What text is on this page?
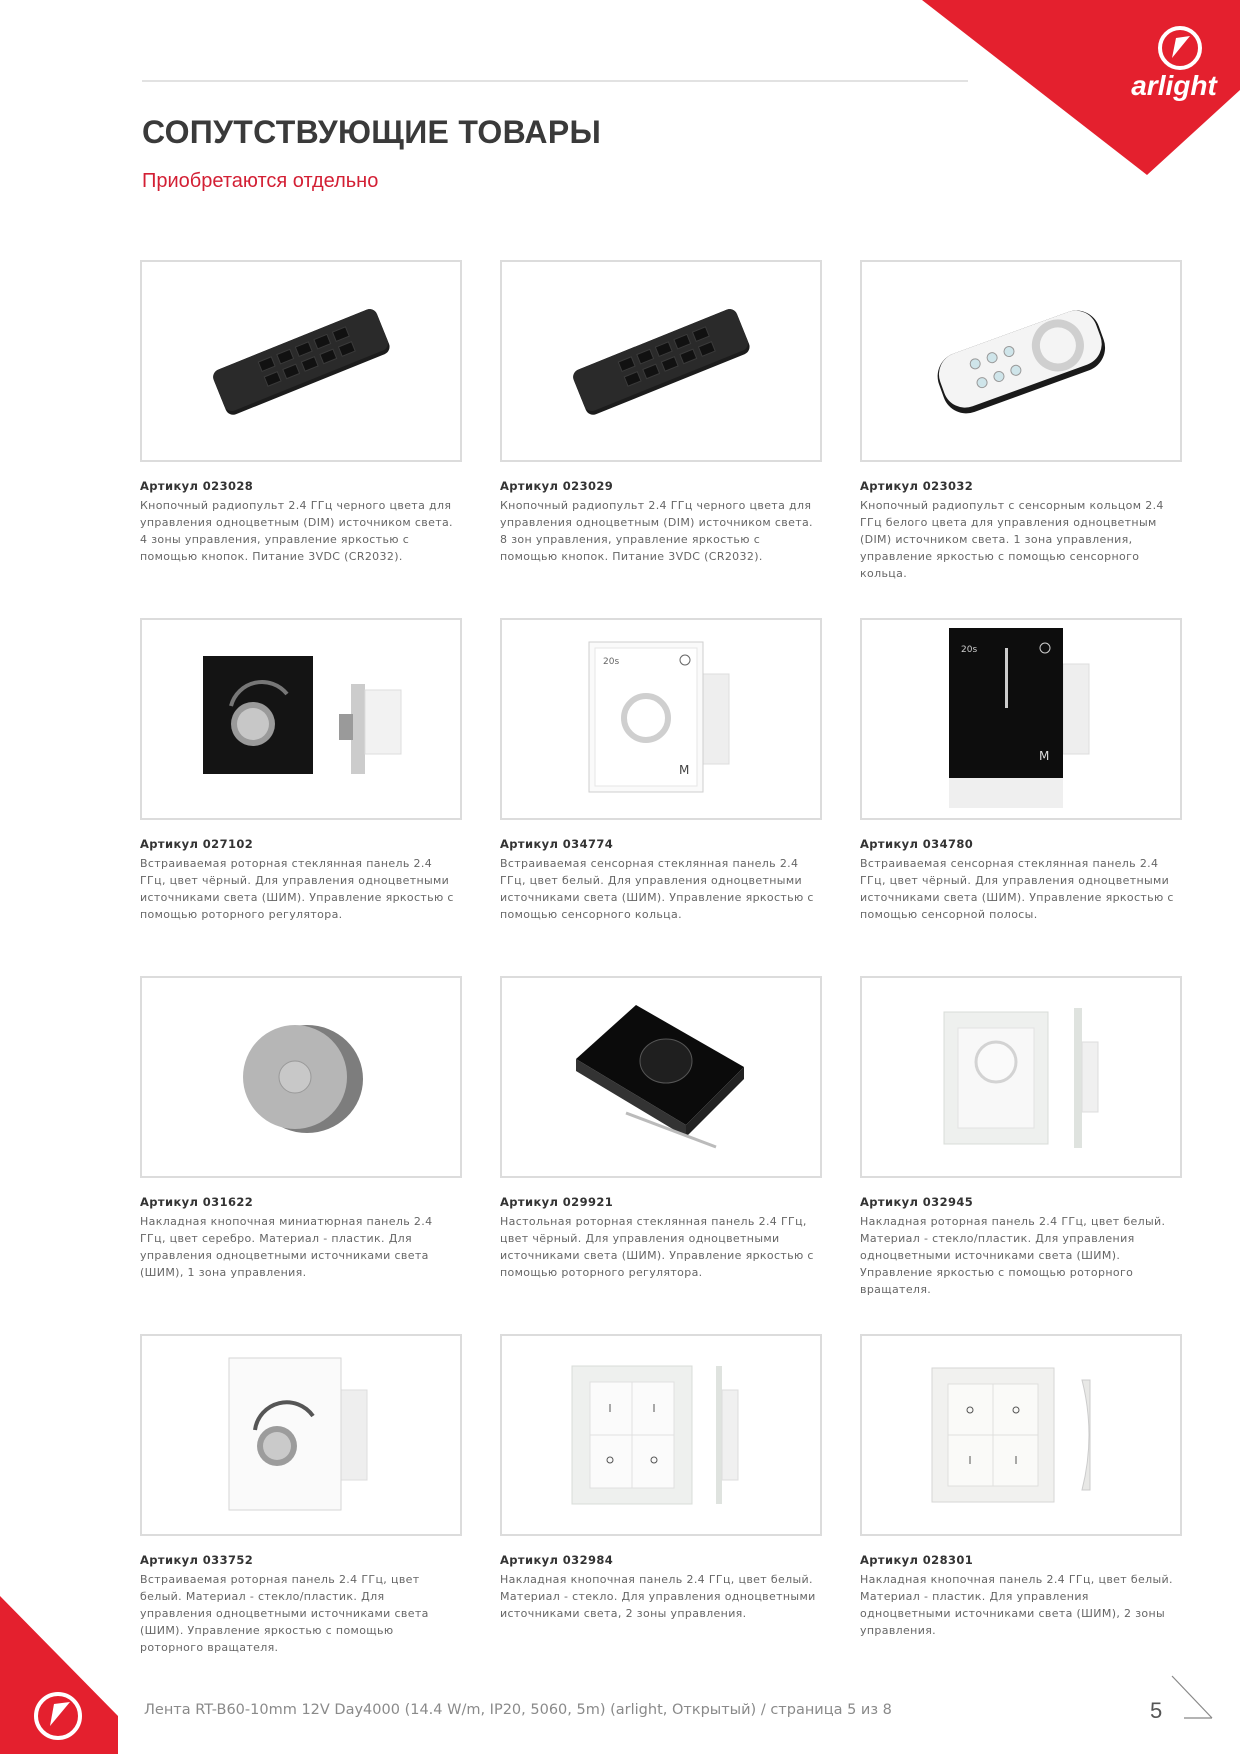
arlight
СОПУТСТВУЮЩИЕ ТОВАРЫ
Приобретаются отдельно
Артикул 023028
Кнопочный радиопульт 2.4 ГГц черного цвета для управления одноцветным (DIM) источником света. 4 зоны управления, управление яркостью с помощью кнопок. Питание 3VDC (CR2032).
Артикул 023029
Кнопочный радиопульт 2.4 ГГц черного цвета для управления одноцветным (DIM) источником света. 8 зон управления, управление яркостью с помощью кнопок. Питание 3VDC (CR2032).
Артикул 023032
Кнопочный радиопульт с сенсорным кольцом 2.4 ГГц белого цвета для управления одноцветным (DIM) источником света. 1 зона управления, управление яркостью с помощью сенсорного кольца.
Артикул 027102
Встраиваемая роторная стеклянная панель 2.4 ГГц, цвет чёрный. Для управления одноцветными источниками света (ШИМ). Управление яркостью с помощью роторного регулятора.
20s
M
Артикул 034774
Встраиваемая сенсорная стеклянная панель 2.4 ГГц, цвет белый. Для управления одноцветными источниками света (ШИМ). Управление яркостью с помощью сенсорного кольца.
20s
M
Артикул 034780
Встраиваемая сенсорная стеклянная панель 2.4 ГГц, цвет чёрный. Для управления одноцветными источниками света (ШИМ). Управление яркостью с помощью сенсорной полосы.
Артикул 031622
Накладная кнопочная миниатюрная панель 2.4 ГГц, цвет серебро. Материал - пластик. Для управления одноцветными источниками света (ШИМ), 1 зона управления.
Артикул 029921
Настольная роторная стеклянная панель 2.4 ГГц, цвет чёрный. Для управления одноцветными источниками света (ШИМ). Управление яркостью с помощью роторного регулятора.
Артикул 032945
Накладная роторная панель 2.4 ГГц, цвет белый. Материал - стекло/пластик. Для управления одноцветными источниками света (ШИМ). Управление яркостью с помощью роторного вращателя.
Артикул 033752
Встраиваемая роторная панель 2.4 ГГц, цвет белый. Материал - стекло/пластик. Для управления одноцветными источниками света (ШИМ). Управление яркостью с помощью роторного вращателя.
Артикул 032984
Накладная кнопочная панель 2.4 ГГц, цвет белый. Материал - стекло. Для управления одноцветными источниками света, 2 зоны управления.
Артикул 028301
Накладная кнопочная панель 2.4 ГГц, цвет белый. Материал - пластик. Для управления одноцветными источниками света (ШИМ), 2 зоны управления.
Лента RT-B60-10mm 12V Day4000 (14.4 W/m, IP20, 5060, 5m) (arlight, Открытый) / страница 5 из 8	5
